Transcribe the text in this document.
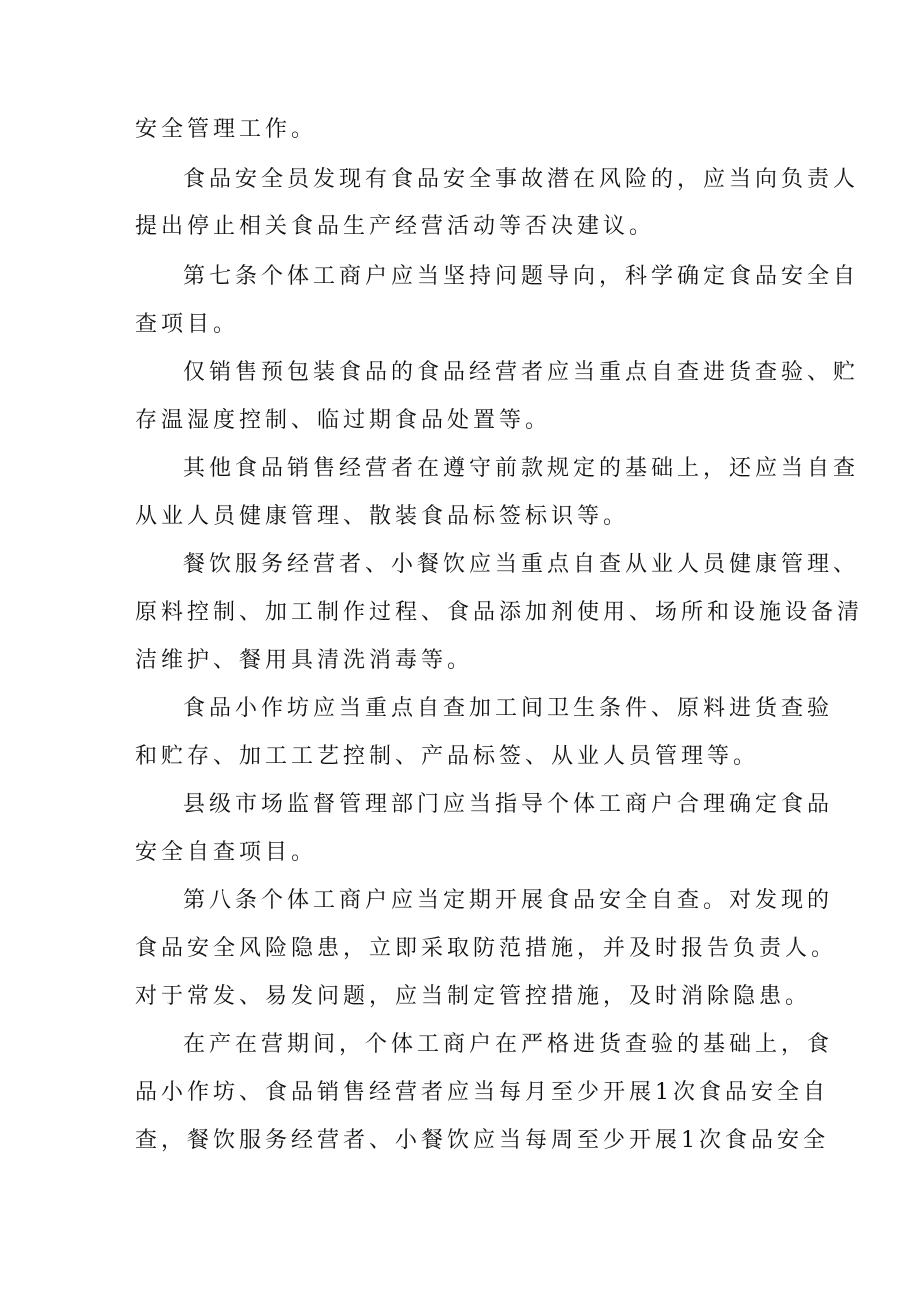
安全管理工作。
食品安全员发现有食品安全事故潜在风险的，应当向负责人
提出停止相关食品生产经营活动等否决建议。
第七条个体工商户应当坚持问题导向，科学确定食品安全自
查项目。
仅销售预包装食品的食品经营者应当重点自查进货查验、贮
存温湿度控制、临过期食品处置等。
其他食品销售经营者在遵守前款规定的基础上，还应当自查
从业人员健康管理、散装食品标签标识等。
餐饮服务经营者、小餐饮应当重点自查从业人员健康管理、
原料控制、加工制作过程、食品添加剂使用、场所和设施设备清
洁维护、餐用具清洗消毒等。
食品小作坊应当重点自查加工间卫生条件、原料进货查验
和贮存、加工工艺控制、产品标签、从业人员管理等。
县级市场监督管理部门应当指导个体工商户合理确定食品
安全自查项目。
第八条个体工商户应当定期开展食品安全自查。对发现的
食品安全风险隐患，立即采取防范措施，并及时报告负责人。
对于常发、易发问题，应当制定管控措施，及时消除隐患。
在产在营期间，个体工商户在严格进货查验的基础上，食
品小作坊、食品销售经营者应当每月至少开展1次食品安全自
查，餐饮服务经营者、小餐饮应当每周至少开展1次食品安全
